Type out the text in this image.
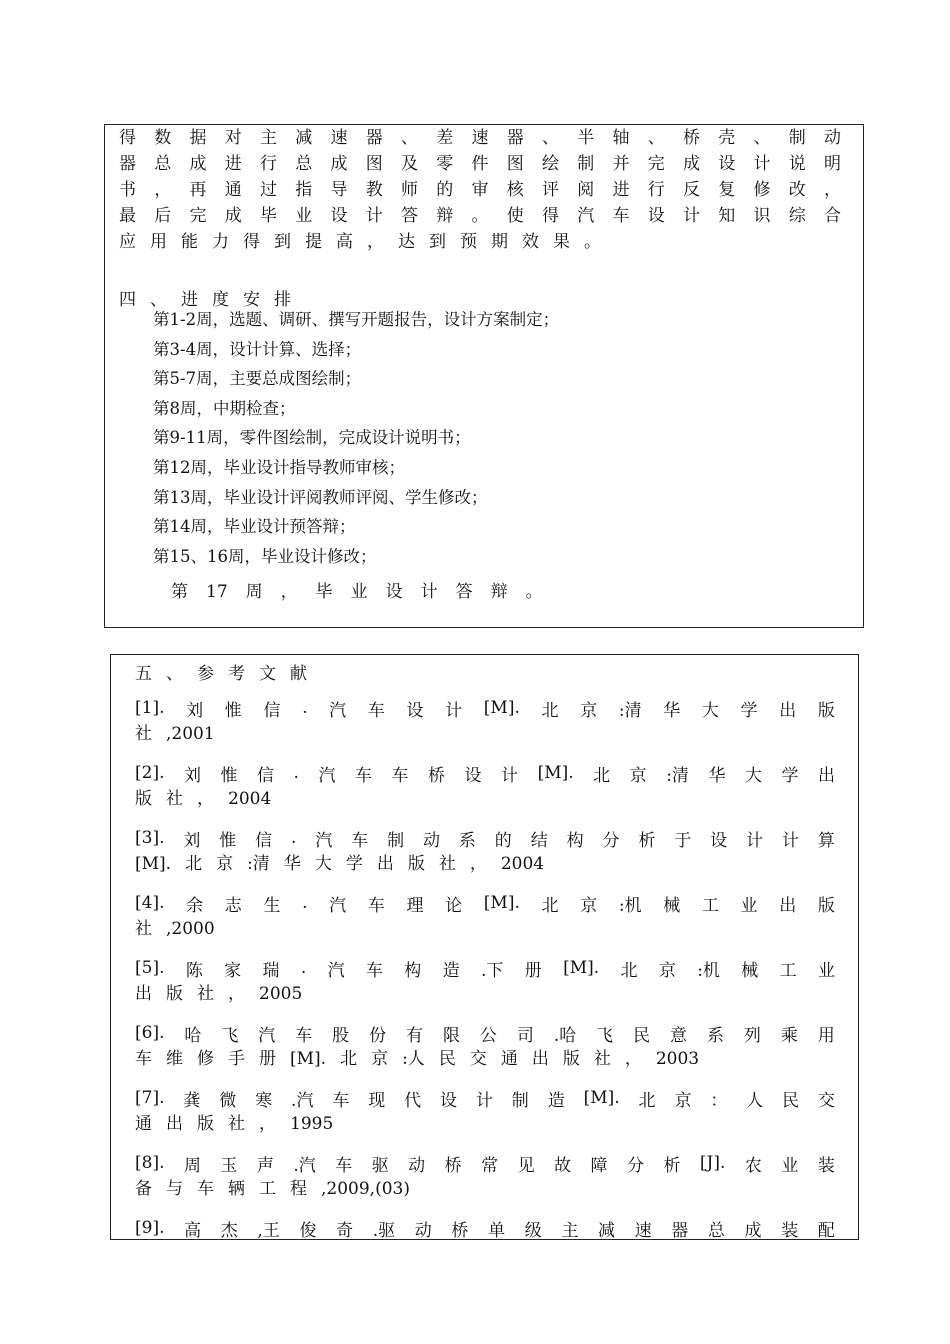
得 数 据 对 主 减 速 器 、 差 速 器 、 半 轴 、 桥 壳 、 制 动
器 总 成 进 行 总 成 图 及 零 件 图 绘 制 并 完 成 设 计 说 明
书 ， 再 通 过 指 导 教 师 的 审 核 评 阅 进 行 反 复 修 改 ，
最 后 完 成 毕 业 设 计 答 辩 。 使 得 汽 车 设 计 知 识 综 合
应 用 能 力 得 到 提 高 ， 达 到 预 期 效 果 。
四、进度安排
第1-2周，选题、调研、撰写开题报告，设计方案制定；
第3-4周，设计计算、选择；
第5-7周，主要总成图绘制；
第8周，中期检查；
第9-11周，零件图绘制，完成设计说明书；
第12周，毕业设计指导教师审核；
第13周，毕业设计评阅教师评阅、学生修改；
第14周，毕业设计预答辩；
第15、16周，毕业设计修改；
第 17 周 ， 毕 业 设 计 答 辩 。
五、参考文献
[1]. 刘 惟 信 . 汽 车 设 计 [M]. 北 京 :清 华 大 学 出 版
社 ,2001
[2]. 刘 惟 信 . 汽 车 车 桥 设 计 [M]. 北 京 :清 华 大 学 出
版 社 ， 2004
[3]. 刘 惟 信 . 汽 车 制 动 系 的 结 构 分 析 于 设 计 计 算
[M]. 北 京 :清 华 大 学 出 版 社 ， 2004
[4]. 余 志 生 . 汽 车 理 论 [M]. 北 京 :机 械 工 业 出 版
社 ,2000
[5]. 陈 家 瑞 . 汽 车 构 造 .下 册 [M]. 北 京 :机 械 工 业
出 版 社 ， 2005
[6]. 哈 飞 汽 车 股 份 有 限 公 司 .哈 飞 民 意 系 列 乘 用
车 维 修 手 册 [M]. 北 京 :人 民 交 通 出 版 社 ， 2003
[7]. 龚 微 寒 .汽 车 现 代 设 计 制 造 [M]. 北 京 ： 人 民 交
通 出 版 社 ， 1995
[8]. 周 玉 声 .汽 车 驱 动 桥 常 见 故 障 分 析 [J]. 农 业 装
备 与 车 辆 工 程 ,2009,(03)
[9]. 高 杰 ,王 俊 奇 .驱 动 桥 单 级 主 减 速 器 总 成 装 配
